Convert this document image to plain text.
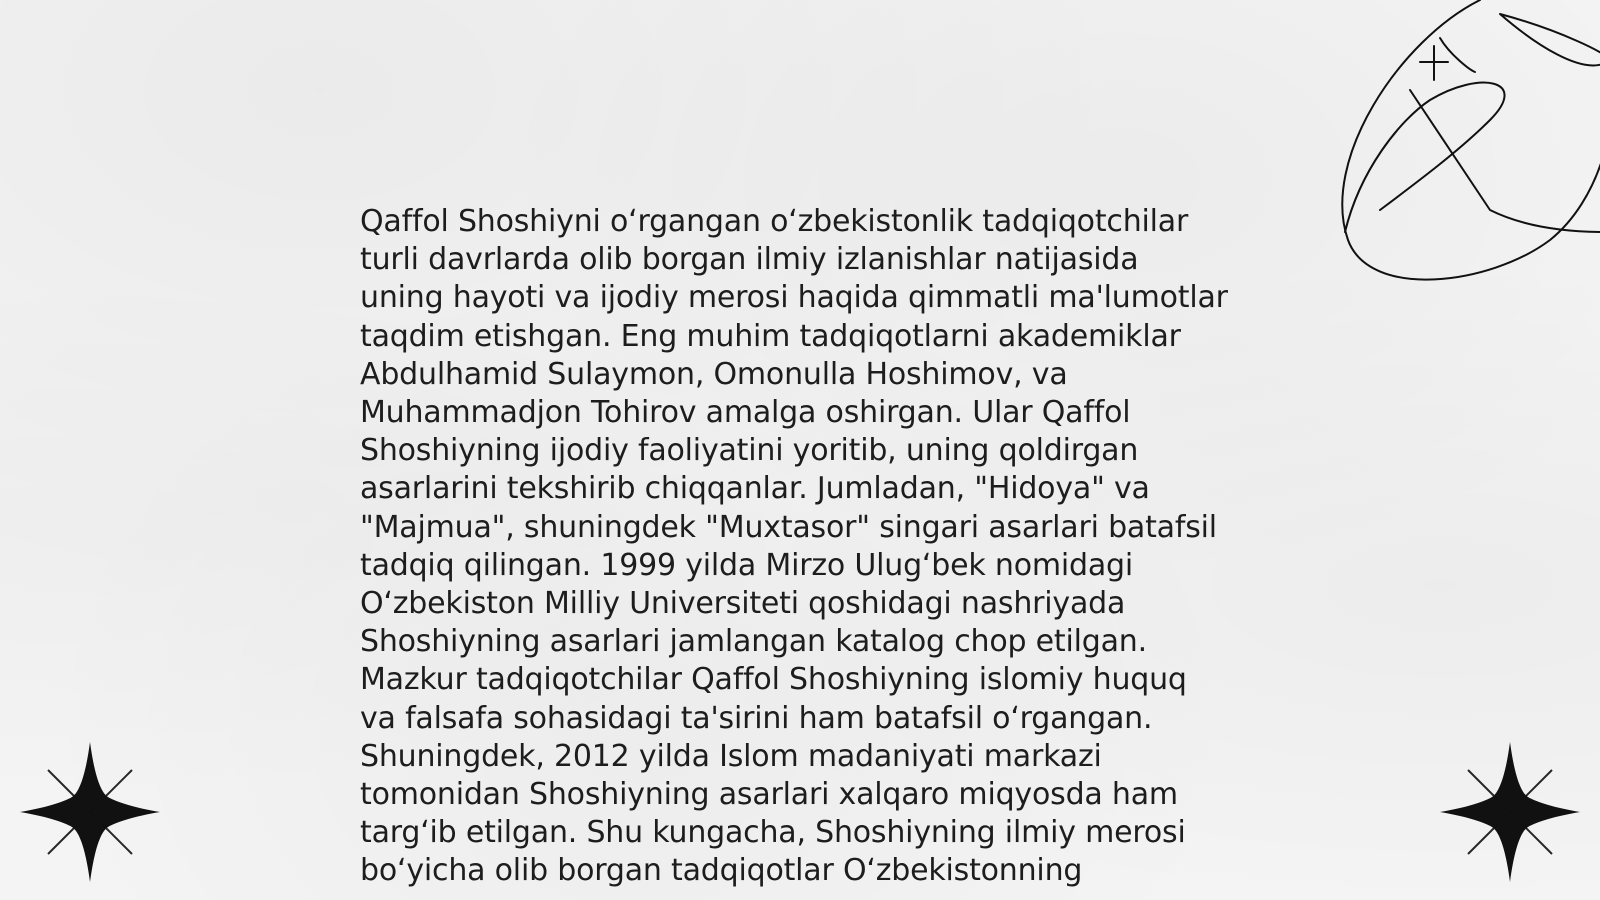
Qaffol Shoshiyni o‘rgangan o‘zbekistonlik tadqiqotchilar
turli davrlarda olib borgan ilmiy izlanishlar natijasida
uning hayoti va ijodiy merosi haqida qimmatli ma'lumotlar
taqdim etishgan. Eng muhim tadqiqotlarni akademiklar
Abdulhamid Sulaymon, Omonulla Hoshimov, va
Muhammadjon Tohirov amalga oshirgan. Ular Qaffol
Shoshiyning ijodiy faoliyatini yoritib, uning qoldirgan
asarlarini tekshirib chiqqanlar. Jumladan, "Hidoya" va
"Majmua", shuningdek "Muxtasor" singari asarlari batafsil
tadqiq qilingan. 1999 yilda Mirzo Ulug‘bek nomidagi
O‘zbekiston Milliy Universiteti qoshidagi nashriyada
Shoshiyning asarlari jamlangan katalog chop etilgan.
Mazkur tadqiqotchilar Qaffol Shoshiyning islomiy huquq
va falsafa sohasidagi ta'sirini ham batafsil o‘rgangan.
Shuningdek, 2012 yilda Islom madaniyati markazi
tomonidan Shoshiyning asarlari xalqaro miqyosda ham
targ‘ib etilgan. Shu kungacha, Shoshiyning ilmiy merosi
bo‘yicha olib borgan tadqiqotlar O‘zbekistonning
